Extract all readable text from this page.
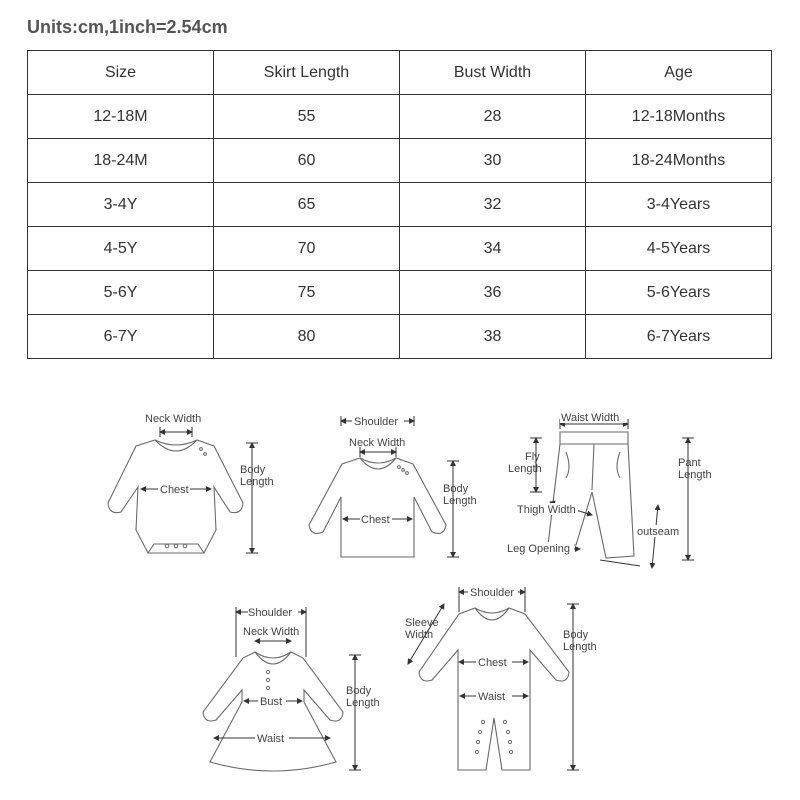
Units:cm,1inch=2.54cm
Size	Skirt Length	Bust Width	Age
12-18M	55	28	12-18Months
18-24M	60	30	18-24Months
3-4Y	65	32	3-4Years
4-5Y	70	34	4-5Years
5-6Y	75	36	5-6Years
6-7Y	80	38	6-7Years
Neck Width
Chest
Body
Length
Shoulder
Neck Width
Chest
Body
Length
Waist Width
Fly
Length	Pant
Length
Thigh Width
outseam
Leg Opening
Shoulder
Neck Width
Bust
Waist
Body
Length
Shoulder
Sleeve
Width
Chest
Waist
Body
Length
